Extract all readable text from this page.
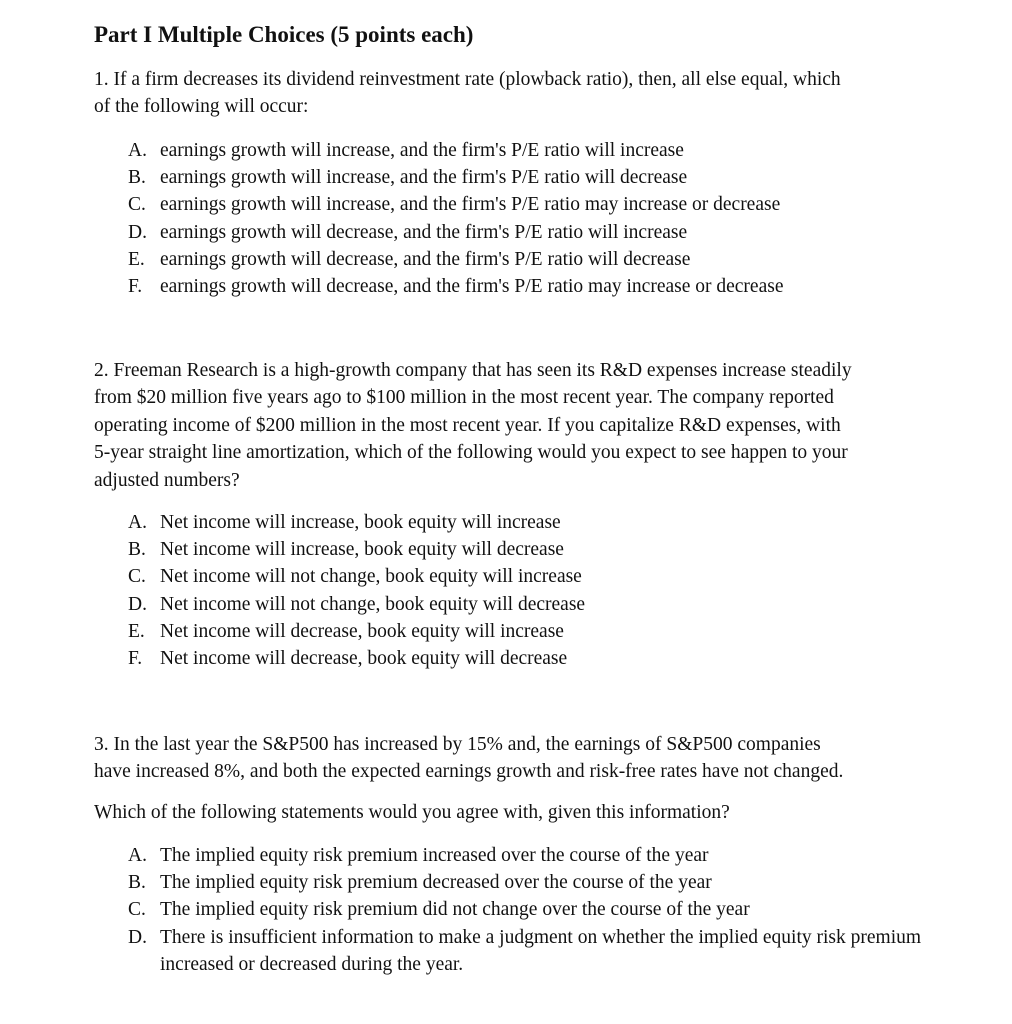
Part I Multiple Choices (5 points each)

1. If a firm decreases its dividend reinvestment rate (plowback ratio), then, all else equal, which
of the following will occur:

A. earnings growth will increase, and the firm's P/E ratio will increase
B. earnings growth will increase, and the firm's P/E ratio will decrease
C. earnings growth will increase, and the firm's P/E ratio may increase or decrease
D. earnings growth will decrease, and the firm's P/E ratio will increase
E. earnings growth will decrease, and the firm's P/E ratio will decrease
F. earnings growth will decrease, and the firm's P/E ratio may increase or decrease

2. Freeman Research is a high-growth company that has seen its R&D expenses increase steadily
from $20 million five years ago to $100 million in the most recent year. The company reported
operating income of $200 million in the most recent year. If you capitalize R&D expenses, with
5-year straight line amortization, which of the following would you expect to see happen to your
adjusted numbers?

A. Net income will increase, book equity will increase
B. Net income will increase, book equity will decrease
C. Net income will not change, book equity will increase
D. Net income will not change, book equity will decrease
E. Net income will decrease, book equity will increase
F. Net income will decrease, book equity will decrease

3. In the last year the S&P500 has increased by 15% and, the earnings of S&P500 companies
have increased 8%, and both the expected earnings growth and risk-free rates have not changed.

Which of the following statements would you agree with, given this information?

A. The implied equity risk premium increased over the course of the year
B. The implied equity risk premium decreased over the course of the year
C. The implied equity risk premium did not change over the course of the year
D. There is insufficient information to make a judgment on whether the implied equity risk premium increased or decreased during the year.
